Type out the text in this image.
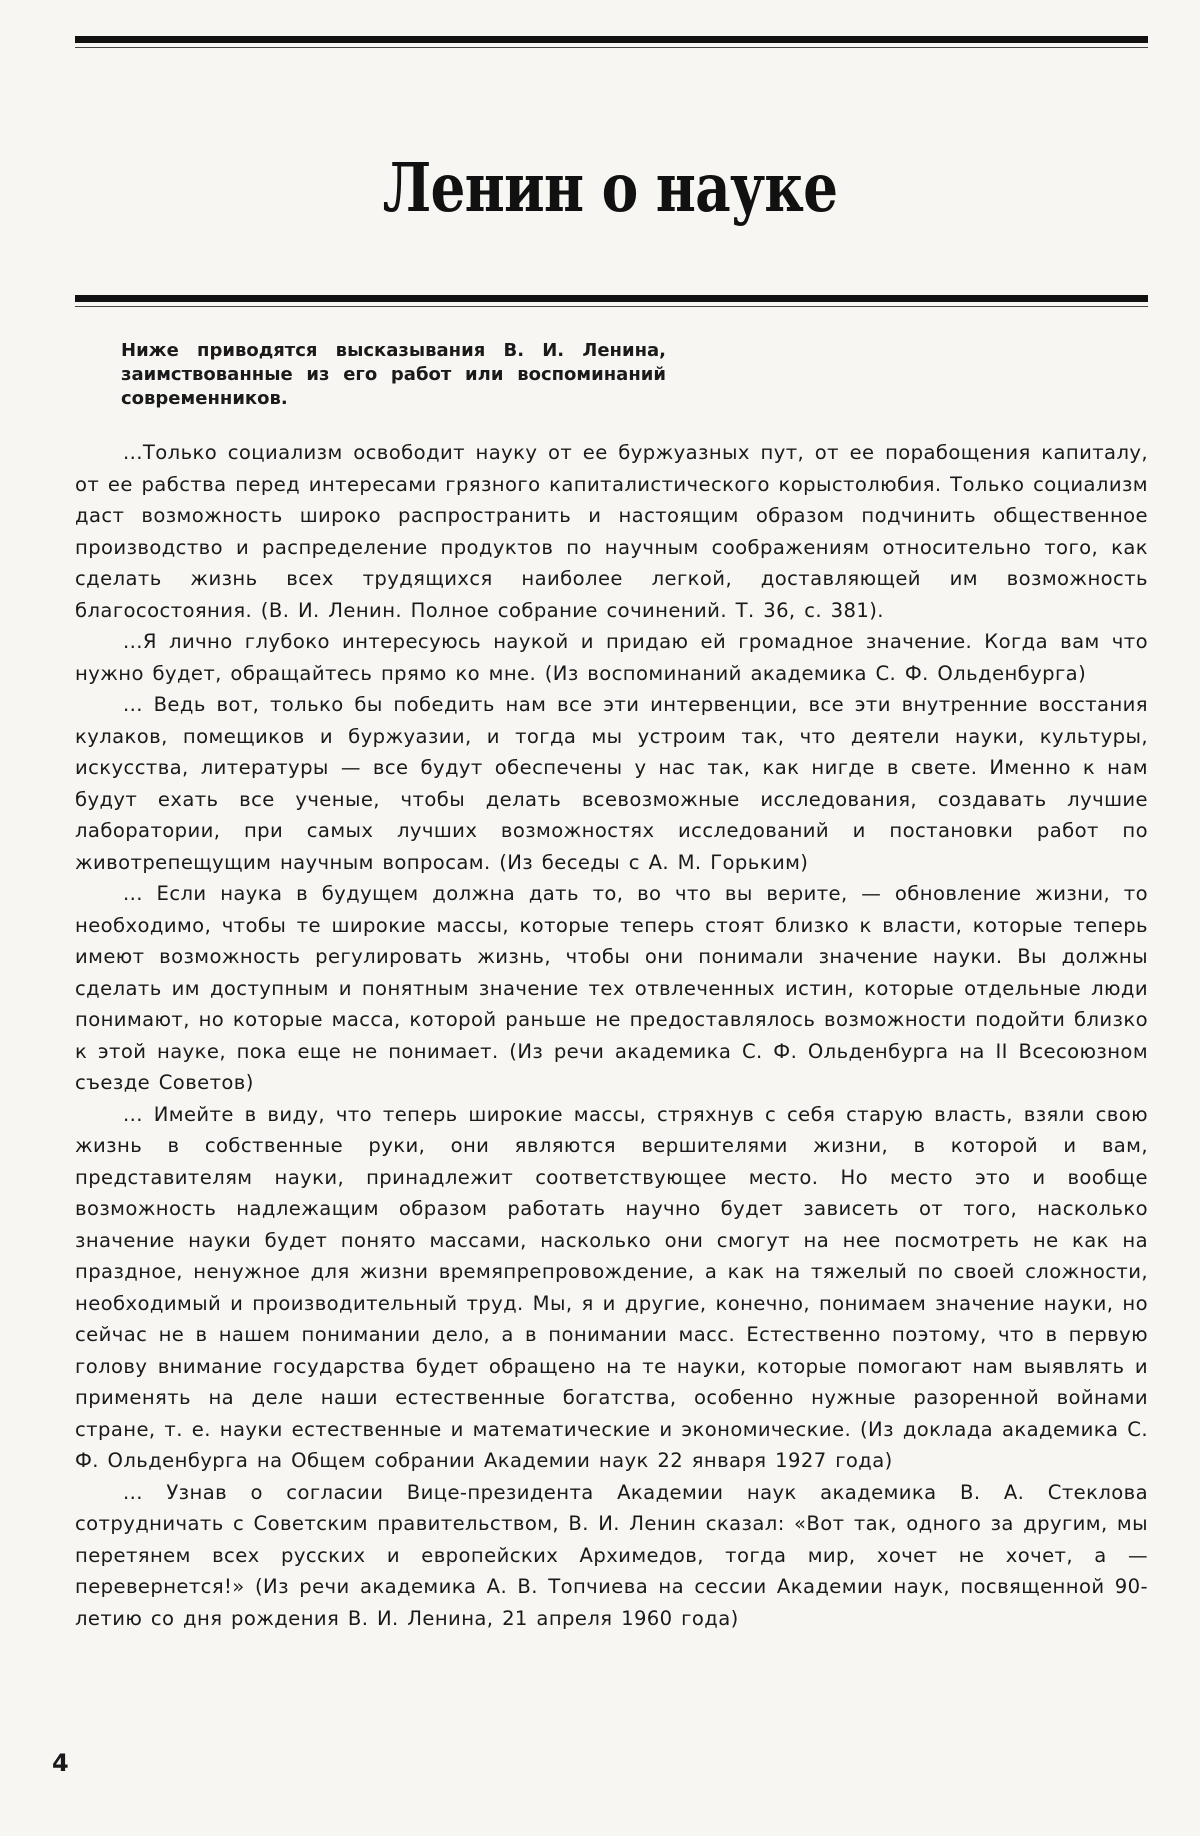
Ленин о науке

Ниже приводятся высказывания В. И. Ленина, заимствованные из его работ или воспоминаний современников.

...Только социализм освободит науку от ее буржуазных пут, от ее порабощения капиталу, от ее рабства перед интересами грязного капиталистического корыстолюбия. Только социализм даст возможность широко распространить и настоящим образом подчинить общественное производство и распределение продуктов по научным соображениям относительно того, как сделать жизнь всех трудящихся наиболее легкой, доставляющей им возможность благосостояния. (В. И. Ленин. Полное собрание сочинений. Т. 36, с. 381).

...Я лично глубоко интересуюсь наукой и придаю ей громадное значение. Когда вам что нужно будет, обращайтесь прямо ко мне. (Из воспоминаний академика С. Ф. Ольденбурга)

... Ведь вот, только бы победить нам все эти интервенции, все эти внутренние восстания кулаков, помещиков и буржуазии, и тогда мы устроим так, что деятели науки, культуры, искусства, литературы — все будут обеспечены у нас так, как нигде в свете. Именно к нам будут ехать все ученые, чтобы делать всевозможные исследования, создавать лучшие лаборатории, при самых лучших возможностях исследований и постановки работ по животрепещущим научным вопросам. (Из беседы с А. М. Горьким)

... Если наука в будущем должна дать то, во что вы верите, — обновление жизни, то необходимо, чтобы те широкие массы, которые теперь стоят близко к власти, которые теперь имеют возможность регулировать жизнь, чтобы они понимали значение науки. Вы должны сделать им доступным и понятным значение тех отвлеченных истин, которые отдельные люди понимают, но которые масса, которой раньше не предоставлялось возможности подойти близко к этой науке, пока еще не понимает. (Из речи академика С. Ф. Ольденбурга на II Всесоюзном съезде Советов)

... Имейте в виду, что теперь широкие массы, стряхнув с себя старую власть, взяли свою жизнь в собственные руки, они являются вершителями жизни, в которой и вам, представителям науки, принадлежит соответствующее место. Но место это и вообще возможность надлежащим образом работать научно будет зависеть от того, насколько значение науки будет понято массами, насколько они смогут на нее посмотреть не как на праздное, ненужное для жизни времяпрепровождение, а как на тяжелый по своей сложности, необходимый и производительный труд. Мы, я и другие, конечно, понимаем значение науки, но сейчас не в нашем понимании дело, а в понимании масс. Естественно поэтому, что в первую голову внимание государства будет обращено на те науки, которые помогают нам выявлять и применять на деле наши естественные богатства, особенно нужные разоренной войнами стране, т. е. науки естественные и математические и экономические. (Из доклада академика С. Ф. Ольденбурга на Общем собрании Академии наук 22 января 1927 года)

... Узнав о согласии Вице-президента Академии наук академика В. А. Стеклова сотрудничать с Советским правительством, В. И. Ленин сказал: «Вот так, одного за другим, мы перетянем всех русских и европейских Архимедов, тогда мир, хочет не хочет, а — перевернется!» (Из речи академика А. В. Топчиева на сессии Академии наук, посвященной 90-летию со дня рождения В. И. Ленина, 21 апреля 1960 года)

4
